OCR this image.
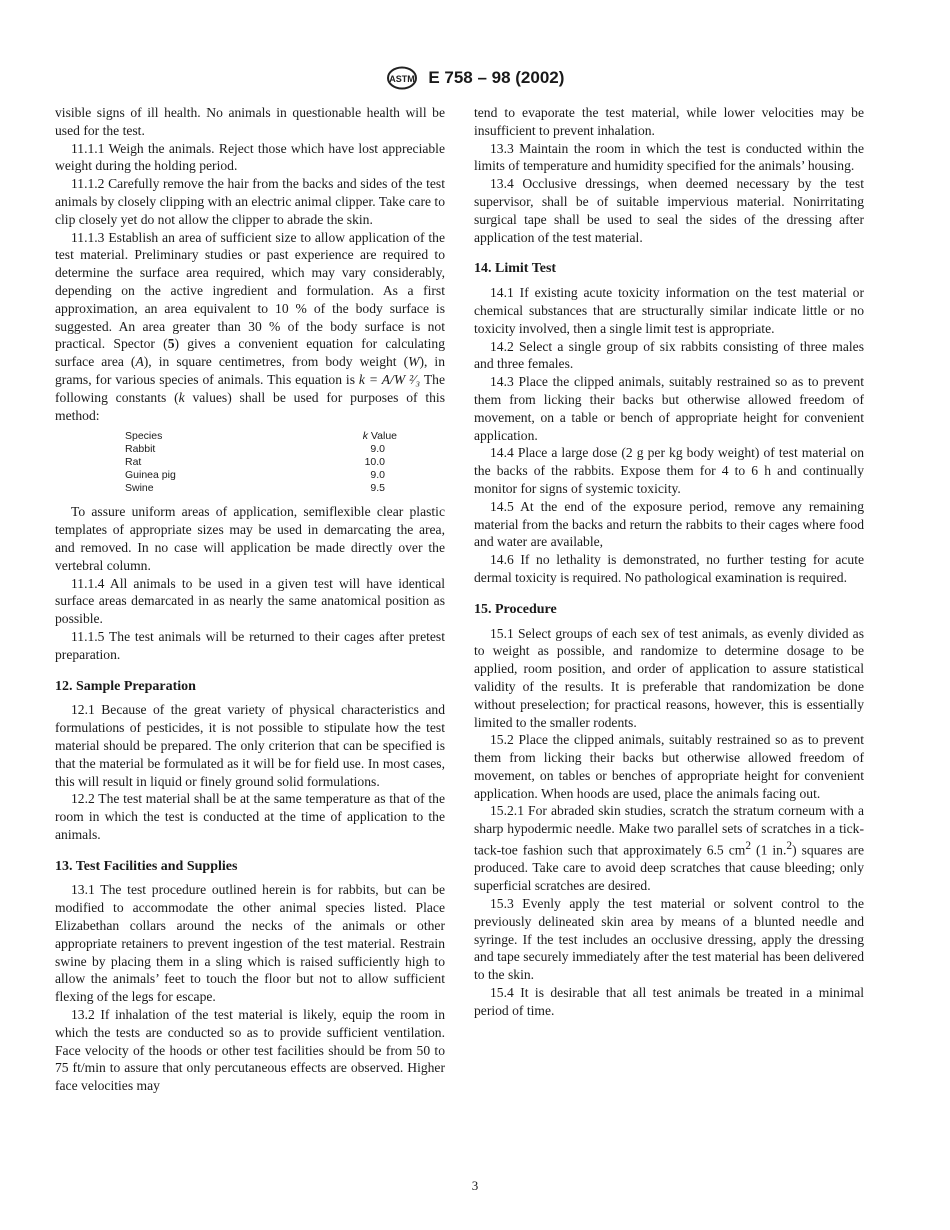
ASTM E 758 – 98 (2002)

visible signs of ill health. No animals in questionable health will be used for the test.

11.1.1 Weigh the animals. Reject those which have lost appreciable weight during the holding period.

11.1.2 Carefully remove the hair from the backs and sides of the test animals by closely clipping with an electric animal clipper. Take care to clip closely yet do not allow the clipper to abrade the skin.

11.1.3 Establish an area of sufficient size to allow application of the test material. Preliminary studies or past experience are required to determine the surface area required, which may vary considerably, depending on the active ingredient and formulation. As a first approximation, an area equivalent to 10 % of the body surface is suggested. An area greater than 30 % of the body surface is not practical. Spector (5) gives a convenient equation for calculating surface area (A), in square centimetres, from body weight (W), in grams, for various species of animals. This equation is k = A/W ²⁄₃ The following constants (k values) shall be used for purposes of this method:

Species	k Value
Rabbit	9.0
Rat	10.0
Guinea pig	9.0
Swine	9.5

To assure uniform areas of application, semiflexible clear plastic templates of appropriate sizes may be used in demarcating the area, and removed. In no case will application be made directly over the vertebral column.

11.1.4 All animals to be used in a given test will have identical surface areas demarcated in as nearly the same anatomical position as possible.

11.1.5 The test animals will be returned to their cages after pretest preparation.

12. Sample Preparation

12.1 Because of the great variety of physical characteristics and formulations of pesticides, it is not possible to stipulate how the test material should be prepared. The only criterion that can be specified is that the material be formulated as it will be for field use. In most cases, this will result in liquid or finely ground solid formulations.

12.2 The test material shall be at the same temperature as that of the room in which the test is conducted at the time of application to the animals.

13. Test Facilities and Supplies

13.1 The test procedure outlined herein is for rabbits, but can be modified to accommodate the other animal species listed. Place Elizabethan collars around the necks of the animals or other appropriate retainers to prevent ingestion of the test material. Restrain swine by placing them in a sling which is raised sufficiently high to allow the animals’ feet to touch the floor but not to allow sufficient flexing of the legs for escape.

13.2 If inhalation of the test material is likely, equip the room in which the tests are conducted so as to provide sufficient ventilation. Face velocity of the hoods or other test facilities should be from 50 to 75 ft/min to assure that only percutaneous effects are observed. Higher face velocities may

tend to evaporate the test material, while lower velocities may be insufficient to prevent inhalation.

13.3 Maintain the room in which the test is conducted within the limits of temperature and humidity specified for the animals’ housing.

13.4 Occlusive dressings, when deemed necessary by the test supervisor, shall be of suitable impervious material. Nonirritating surgical tape shall be used to seal the sides of the dressing after application of the test material.

14. Limit Test

14.1 If existing acute toxicity information on the test material or chemical substances that are structurally similar indicate little or no toxicity involved, then a single limit test is appropriate.

14.2 Select a single group of six rabbits consisting of three males and three females.

14.3 Place the clipped animals, suitably restrained so as to prevent them from licking their backs but otherwise allowed freedom of movement, on a table or bench of appropriate height for convenient application.

14.4 Place a large dose (2 g per kg body weight) of test material on the backs of the rabbits. Expose them for 4 to 6 h and continually monitor for signs of systemic toxicity.

14.5 At the end of the exposure period, remove any remaining material from the backs and return the rabbits to their cages where food and water are available,

14.6 If no lethality is demonstrated, no further testing for acute dermal toxicity is required. No pathological examination is required.

15. Procedure

15.1 Select groups of each sex of test animals, as evenly divided as to weight as possible, and randomize to determine dosage to be applied, room position, and order of application to assure statistical validity of the results. It is preferable that randomization be done without preselection; for practical reasons, however, this is essentially limited to the smaller rodents.

15.2 Place the clipped animals, suitably restrained so as to prevent them from licking their backs but otherwise allowed freedom of movement, on tables or benches of appropriate height for convenient application. When hoods are used, place the animals facing out.

15.2.1 For abraded skin studies, scratch the stratum corneum with a sharp hypodermic needle. Make two parallel sets of scratches in a tick-tack-toe fashion such that approximately 6.5 $cm^2$ (1 in.$^2$) squares are produced. Take care to avoid deep scratches that cause bleeding; only superficial scratches are desired.

15.3 Evenly apply the test material or solvent control to the previously delineated skin area by means of a blunted needle and syringe. If the test includes an occlusive dressing, apply the dressing and tape securely immediately after the test material has been delivered to the skin.

15.4 It is desirable that all test animals be treated in a minimal period of time.

3
